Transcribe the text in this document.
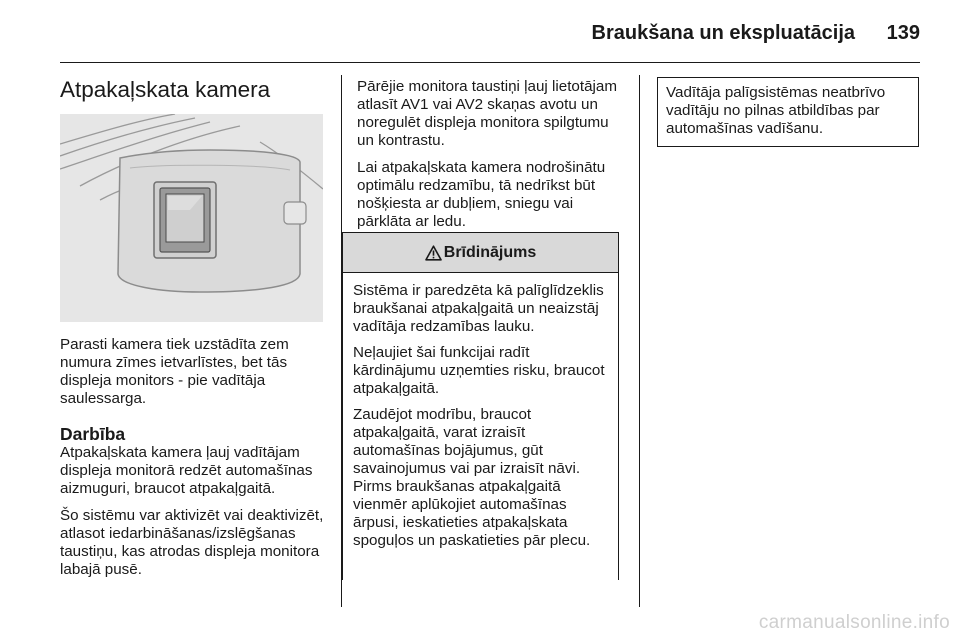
Braukšana un ekspluatācija	139
Atpakaļskata kamera

Parasti kamera tiek uzstādīta zem numura zīmes ietvarlīstes, bet tās displeja monitors - pie vadītāja saulessarga.

Darbība

Atpakaļskata kamera ļauj vadītājam displeja monitorā redzēt automašīnas aizmuguri, braucot atpakaļgaitā.

Šo sistēmu var aktivizēt vai deaktivizēt, atlasot iedarbināšanas/izslēgšanas taustiņu, kas atrodas displeja monitora labajā pusē.

Pārējie monitora taustiņi ļauj lietotājam atlasīt AV1 vai AV2 skaņas avotu un noregulēt displeja monitora spilgtumu un kontrastu.

Lai atpakaļskata kamera nodrošinātu optimālu redzamību, tā nedrīkst būt nošķiesta ar dubļiem, sniegu vai pārklāta ar ledu.

Brīdinājums

Sistēma ir paredzēta kā palīglīdzeklis braukšanai atpakaļgaitā un neaizstāj vadītāja redzamības lauku.

Neļaujiet šai funkcijai radīt kārdinājumu uzņemties risku, braucot atpakaļgaitā.

Zaudējot modrību, braucot atpakaļgaitā, varat izraisīt automašīnas bojājumus, gūt savainojumus vai par izraisīt nāvi. Pirms braukšanas atpakaļgaitā vienmēr aplūkojiet automašīnas ārpusi, ieskatieties atpakaļskata spoguļos un paskatieties pār plecu.

Vadītāja palīgsistēmas neatbrīvo vadītāju no pilnas atbildības par automašīnas vadīšanu.
carmanualsonline.info
